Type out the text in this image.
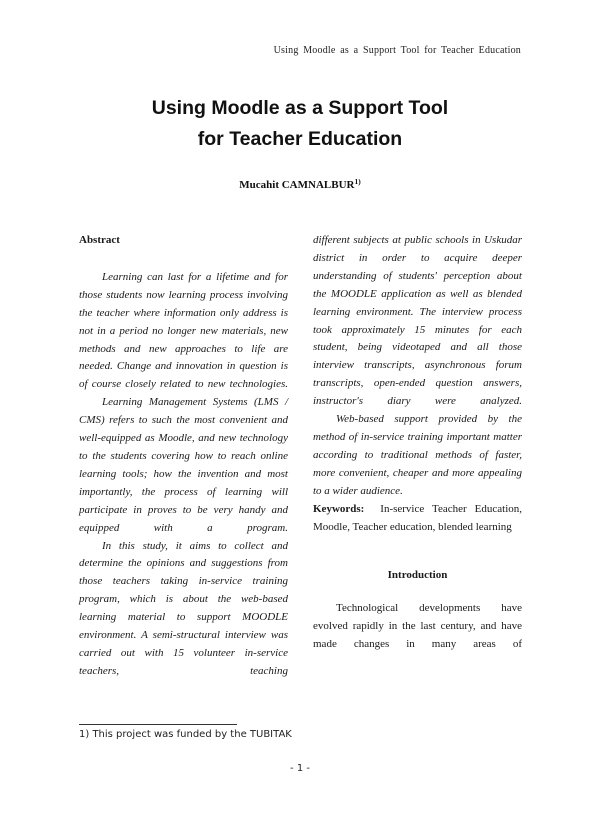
Using Moodle as a Support Tool for Teacher Education
Using Moodle as a Support Tool
for Teacher Education
Mucahit CAMNALBUR$^{1)}$
Abstract

Learning can last for a lifetime and for those students now learning process involving the teacher where information only address is not in a period no longer new materials, new methods and new approaches to life are needed. Change and innovation in question is of course closely related to new technologies.

Learning Management Systems (LMS / CMS) refers to such the most convenient and well-equipped as Moodle, and new technology to the students covering how to reach online learning tools; how the invention and most importantly, the process of learning will participate in proves to be very handy and equipped with a program.

In this study, it aims to collect and determine the opinions and suggestions from those teachers taking in-service training program, which is about the web-based learning material to support MOODLE environment. A semi-structural interview was carried out with 15 volunteer in-service teachers, teaching

different subjects at public schools in Uskudar district in order to acquire deeper understanding of students' perception about the MOODLE application as well as blended learning environment. The interview process took approximately 15 minutes for each student, being videotaped and all those interview transcripts, asynchronous forum transcripts, open-ended question answers, instructor's diary were analyzed.

Web-based support provided by the method of in-service training important matter according to traditional methods of faster, more convenient, cheaper and more appealing to a wider audience.

Keywords: In-service Teacher Education, Moodle, Teacher education, blended learning

Introduction

Technological developments have evolved rapidly in the last century, and have made changes in many areas of

1) This project was funded by the TUBITAK
- 1 -
